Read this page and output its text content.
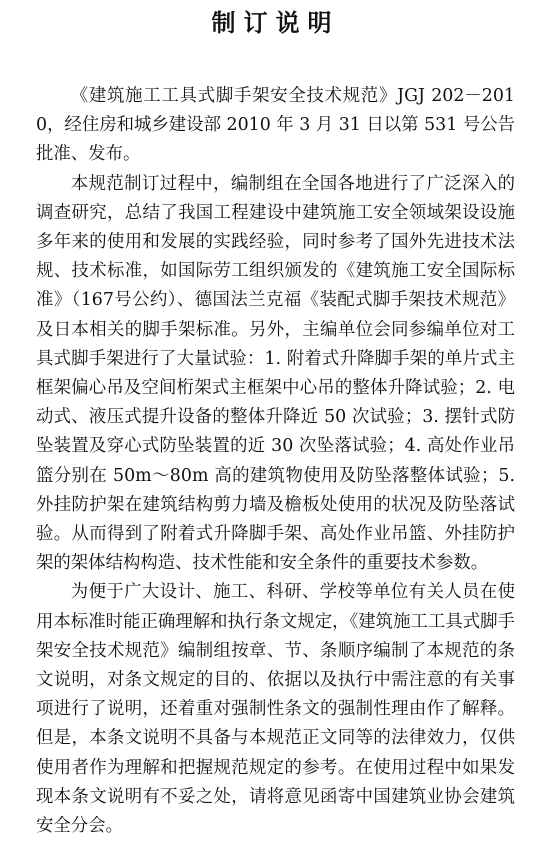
制订说明

《建筑施工工具式脚手架安全技术规范》JGJ 202－2010，经住房和城乡建设部 2010 年 3 月 31 日以第 531 号公告批准、发布。

本规范制订过程中，编制组在全国各地进行了广泛深入的调查研究，总结了我国工程建设中建筑施工安全领域架设设施多年来的使用和发展的实践经验，同时参考了国外先进技术法规、技术标准，如国际劳工组织颁发的《建筑施工安全国际标准》（167号公约）、德国法兰克福《装配式脚手架技术规范》及日本相关的脚手架标准。另外，主编单位会同参编单位对工具式脚手架进行了大量试验：1. 附着式升降脚手架的单片式主框架偏心吊及空间桁架式主框架中心吊的整体升降试验；2. 电动式、液压式提升设备的整体升降近 50 次试验；3. 摆针式防坠装置及穿心式防坠装置的近 30 次坠落试验；4. 高处作业吊篮分别在 50m～80m 高的建筑物使用及防坠落整体试验；5. 外挂防护架在建筑结构剪力墙及檐板处使用的状况及防坠落试验。从而得到了附着式升降脚手架、高处作业吊篮、外挂防护架的架体结构构造、技术性能和安全条件的重要技术参数。

为便于广大设计、施工、科研、学校等单位有关人员在使用本标准时能正确理解和执行条文规定，《建筑施工工具式脚手架安全技术规范》编制组按章、节、条顺序编制了本规范的条文说明，对条文规定的目的、依据以及执行中需注意的有关事项进行了说明，还着重对强制性条文的强制性理由作了解释。但是，本条文说明不具备与本规范正文同等的法律效力，仅供使用者作为理解和把握规范规定的参考。在使用过程中如果发现本条文说明有不妥之处，请将意见函寄中国建筑业协会建筑安全分会。
